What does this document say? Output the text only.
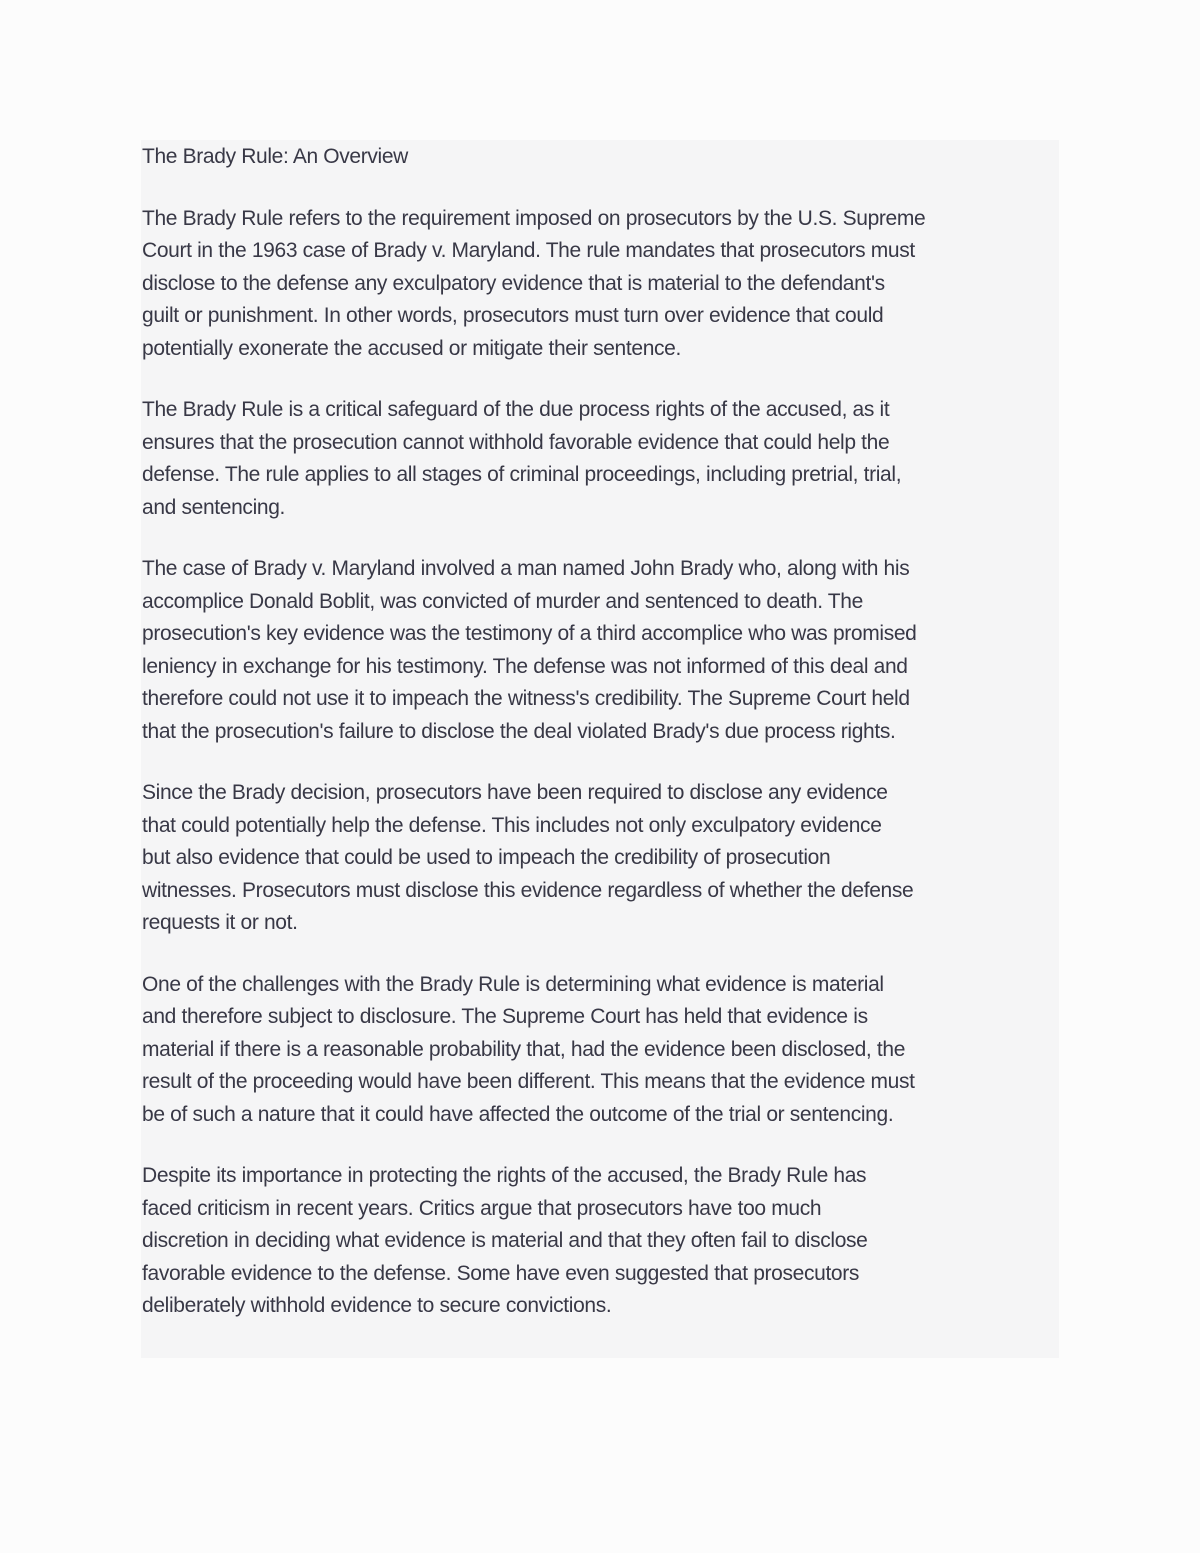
The Brady Rule: An Overview

The Brady Rule refers to the requirement imposed on prosecutors by the U.S. Supreme
Court in the 1963 case of Brady v. Maryland. The rule mandates that prosecutors must
disclose to the defense any exculpatory evidence that is material to the defendant's
guilt or punishment. In other words, prosecutors must turn over evidence that could
potentially exonerate the accused or mitigate their sentence.

The Brady Rule is a critical safeguard of the due process rights of the accused, as it
ensures that the prosecution cannot withhold favorable evidence that could help the
defense. The rule applies to all stages of criminal proceedings, including pretrial, trial,
and sentencing.

The case of Brady v. Maryland involved a man named John Brady who, along with his
accomplice Donald Boblit, was convicted of murder and sentenced to death. The
prosecution's key evidence was the testimony of a third accomplice who was promised
leniency in exchange for his testimony. The defense was not informed of this deal and
therefore could not use it to impeach the witness's credibility. The Supreme Court held
that the prosecution's failure to disclose the deal violated Brady's due process rights.

Since the Brady decision, prosecutors have been required to disclose any evidence
that could potentially help the defense. This includes not only exculpatory evidence
but also evidence that could be used to impeach the credibility of prosecution
witnesses. Prosecutors must disclose this evidence regardless of whether the defense
requests it or not.

One of the challenges with the Brady Rule is determining what evidence is material
and therefore subject to disclosure. The Supreme Court has held that evidence is
material if there is a reasonable probability that, had the evidence been disclosed, the
result of the proceeding would have been different. This means that the evidence must
be of such a nature that it could have affected the outcome of the trial or sentencing.

Despite its importance in protecting the rights of the accused, the Brady Rule has
faced criticism in recent years. Critics argue that prosecutors have too much
discretion in deciding what evidence is material and that they often fail to disclose
favorable evidence to the defense. Some have even suggested that prosecutors
deliberately withhold evidence to secure convictions.
